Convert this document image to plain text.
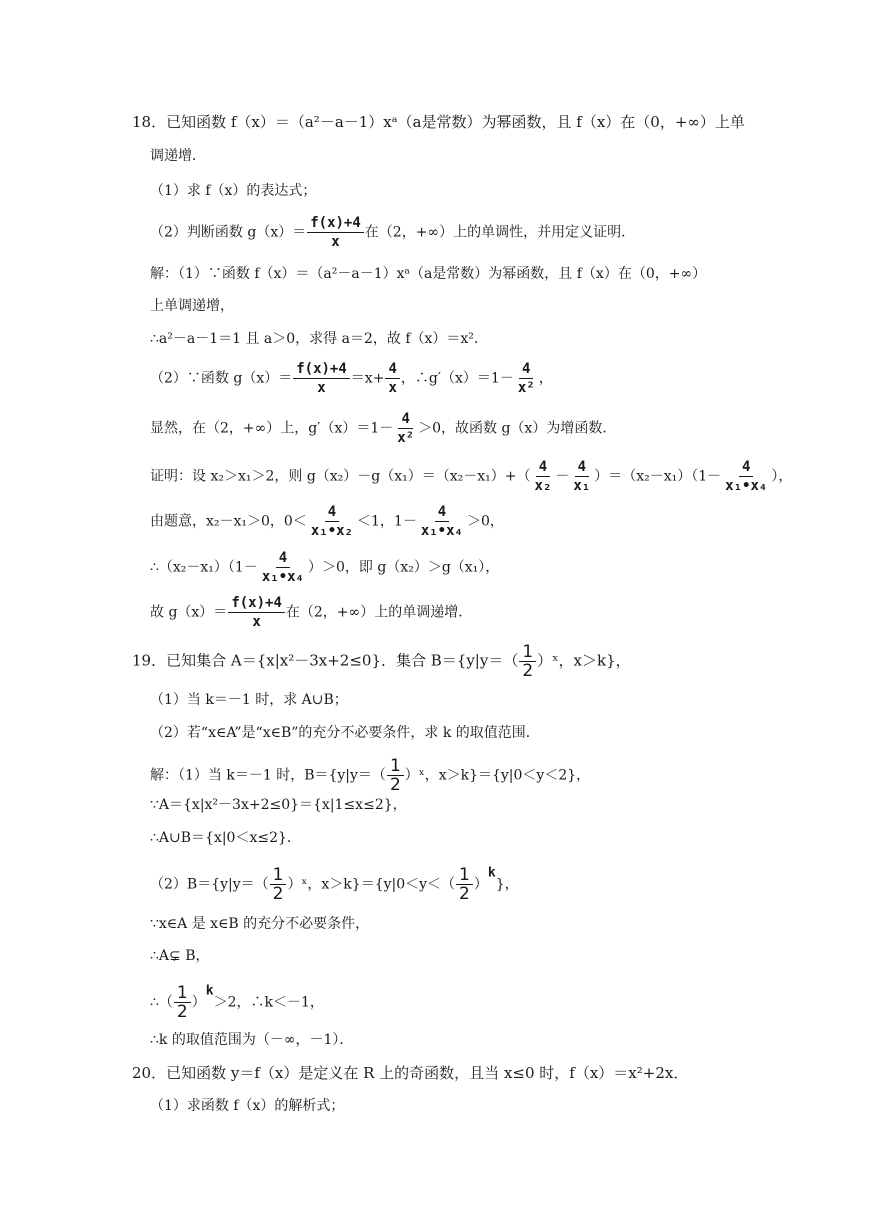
18．已知函数 f（x）＝（a²－a－1）xᵃ（a是常数）为幂函数，且 f（x）在（0，+∞）上单
调递增．
（1）求 f（x）的表达式；
（2）判断函数 $g(x)= \frac{f(x)+4}{x}$ 在（2，+∞）上的单调性，并用定义证明．
解：（1）∵函数 f（x）＝（a²－a－1）xᵃ（a是常数）为幂函数，且 f（x）在（0，+∞）
上单调递增，
∴a²－a－1＝1 且 a＞0，求得 a＝2，故 f（x）＝x²．
（2）∵函数 $g(x)= \frac{f(x)+4}{x} =x+ \frac{4}{x}$ ，∴g′（x）＝1－ $\frac{4}{\text{x²}}$ ，
显然，在（2，+∞）上，$g'(x)=1- \frac{4}{\text{x²}} >0$，故函数 g（x）为增函数．
证明：设 x₂＞x₁＞2，则 $g(x_2)-g(x_1)=(x_2-x_1)+( \frac{4}{\text{x₂}} - \frac{4}{\text{x₁}} )=(x_2-x_1)(1- \frac{4}{\text{x₁•x₄}}$ ），
由题意，x₂－x₁＞0，$0< \frac{4}{\text{x₁•x₂}} <1$，$1- \frac{4}{\text{x₁•x₄}} >0$，
∴（x₂－x₁）（1－ $\frac{4}{\text{x₁•x₄}} )>0$，即 g（x₂）＞g（x₁），
故 $g(x)= \frac{f(x)+4}{x}$ 在（2，+∞）上的单调递增．
19．已知集合 A＝{x|x²－3x+2≤0}．集合 $B=\{y|y=( \frac{1}{2}$ ）ˣ，x＞k}，
（1）当 k＝－1 时，求 A∪B；
（2）若“x∈A”是“x∈B”的充分不必要条件，求 k 的取值范围．
解：（1）当 k＝－1 时，$B=\{y|y=( \frac{1}{2}$ ）ˣ，x＞k}＝{y|0＜y＜2}，
∵A＝{x|x²－3x+2≤0}＝{x|1≤x≤2}，
∴A∪B＝{x|0＜x≤2}．
$(2)B=\{y|y=( \frac{1}{2}$ ）ˣ，$x>k\}=\{y|0<y<( \frac{1}{2} )k\}$，
∵x∈A 是 x∈B 的充分不必要条件，
∴A⊊ B，
∴（ $\frac{1}{2} )k>2$，∴k＜－1，
∴k 的取值范围为（－∞，－1）．
20．已知函数 y＝f（x）是定义在 R 上的奇函数，且当 x≤0 时，f（x）＝x²+2x．
（1）求函数 f（x）的解析式；
